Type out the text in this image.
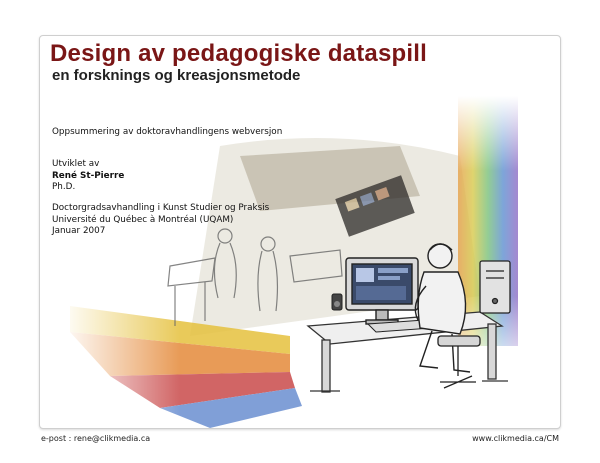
Design av pedagogiske dataspill
en forsknings og kreasjonsmetode
Oppsummering av doktoravhandlingens webversjon
Utviklet av
René St-Pierre
Ph.D.
Doctorgradsavhandling i Kunst Studier og Praksis
Université du Québec à Montréal (UQAM)
Januar 2007
e-post : rene@clikmedia.ca	www.clikmedia.ca/CM
